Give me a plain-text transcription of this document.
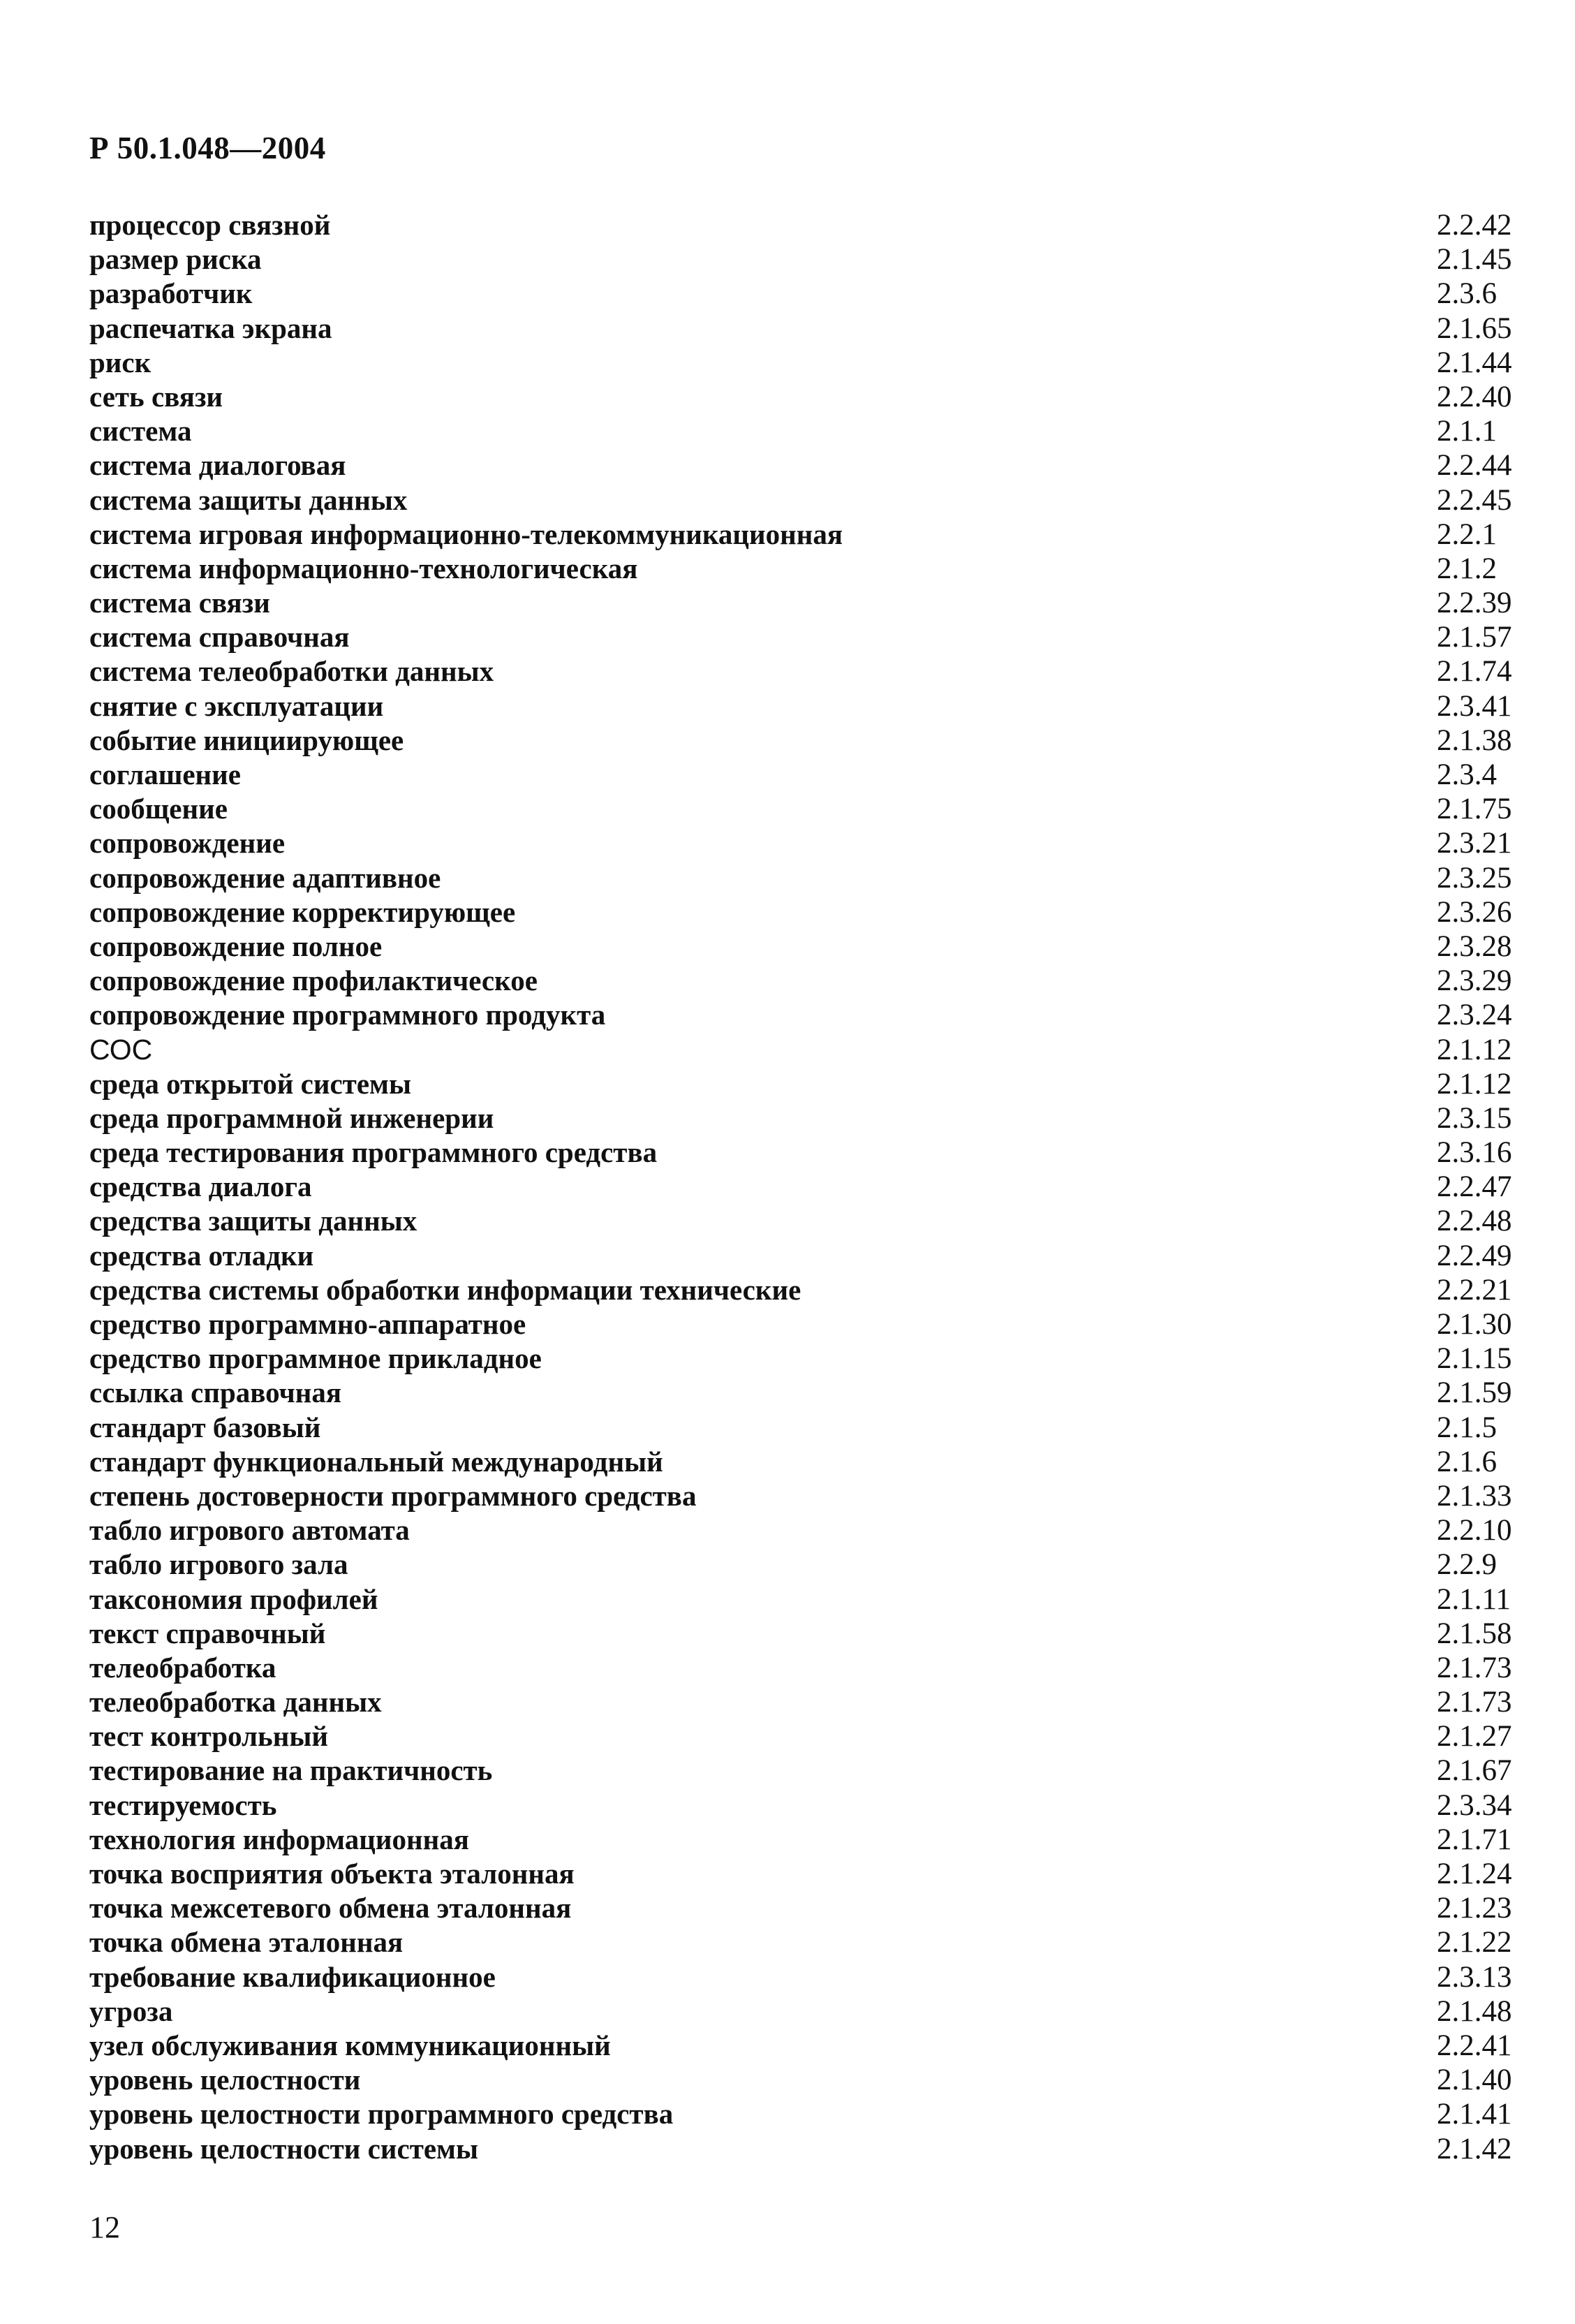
Р 50.1.048—2004
процессор связной	2.2.42
размер риска	2.1.45
разработчик	2.3.6
распечатка экрана	2.1.65
риск	2.1.44
сеть связи	2.2.40
система	2.1.1
система диалоговая	2.2.44
система защиты данных	2.2.45
система игровая информационно-телекоммуникационная	2.2.1
система информационно-технологическая	2.1.2
система связи	2.2.39
система справочная	2.1.57
система телеобработки данных	2.1.74
снятие с эксплуатации	2.3.41
событие инициирующее	2.1.38
соглашение	2.3.4
сообщение	2.1.75
сопровождение	2.3.21
сопровождение адаптивное	2.3.25
сопровождение корректирующее	2.3.26
сопровождение полное	2.3.28
сопровождение профилактическое	2.3.29
сопровождение программного продукта	2.3.24
СОС	2.1.12
среда открытой системы	2.1.12
среда программной инженерии	2.3.15
среда тестирования программного средства	2.3.16
средства диалога	2.2.47
средства защиты данных	2.2.48
средства отладки	2.2.49
средства системы обработки информации технические	2.2.21
средство программно-аппаратное	2.1.30
средство программное прикладное	2.1.15
ссылка справочная	2.1.59
стандарт базовый	2.1.5
стандарт функциональный международный	2.1.6
степень достоверности программного средства	2.1.33
табло игрового автомата	2.2.10
табло игрового зала	2.2.9
таксономия профилей	2.1.11
текст справочный	2.1.58
телеобработка	2.1.73
телеобработка данных	2.1.73
тест контрольный	2.1.27
тестирование на практичность	2.1.67
тестируемость	2.3.34
технология информационная	2.1.71
точка восприятия объекта эталонная	2.1.24
точка межсетевого обмена эталонная	2.1.23
точка обмена эталонная	2.1.22
требование квалификационное	2.3.13
угроза	2.1.48
узел обслуживания коммуникационный	2.2.41
уровень целостности	2.1.40
уровень целостности программного средства	2.1.41
уровень целостности системы	2.1.42
12
